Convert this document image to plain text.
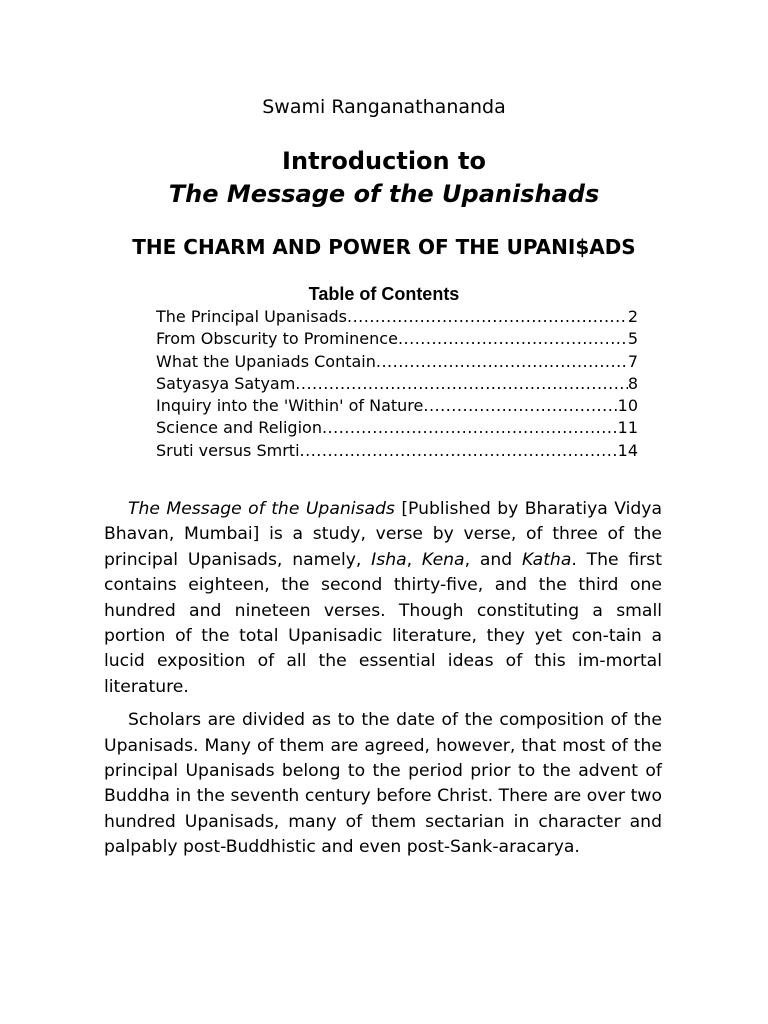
Swami Ranganathananda
Introduction to
The Message of the Upanishads
THE CHARM AND POWER OF THE UPANI$ADS
Table of Contents
The Principal Upanisads .....	2
From Obscurity to Prominence .....	5
What the Upaniads Contain .....	7
Satyasya Satyam .....	8
Inquiry into the 'Within' of Nature .....	10
Science and Religion .....	11
Sruti versus Smrti .....	14

The Message of the Upanisads [Published by Bharatiya Vidya Bhavan, Mumbai] is a study, verse by verse, of three of the principal Upanisads, namely, Isha, Kena, and Katha. The first contains eighteen, the second thirty-five, and the third one hundred and nineteen verses. Though constituting a small portion of the total Upanisadic literature, they yet con-tain a lucid exposition of all the essential ideas of this im-mortal literature.

Scholars are divided as to the date of the composition of the Upanisads. Many of them are agreed, however, that most of the principal Upanisads belong to the period prior to the advent of Buddha in the seventh century before Christ. There are over two hundred Upanisads, many of them sectarian in character and palpably post-Buddhistic and even post-Sank-aracarya.
